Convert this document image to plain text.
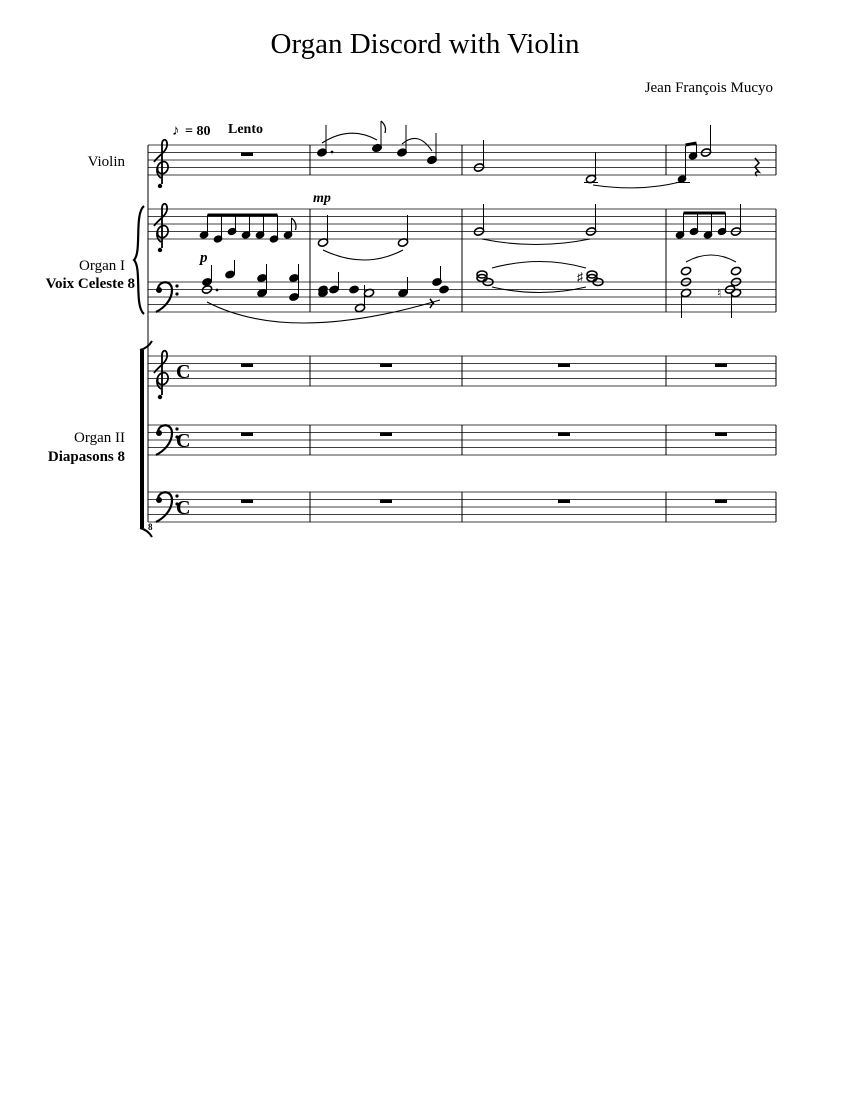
Organ Discord with Violin
Jean François Mucyo
C
C
C
8
Violin
Organ I
Voix Celeste 8
Organ II
Diapasons 8
♪ = 80 Lento
♯
♮
p
mp
